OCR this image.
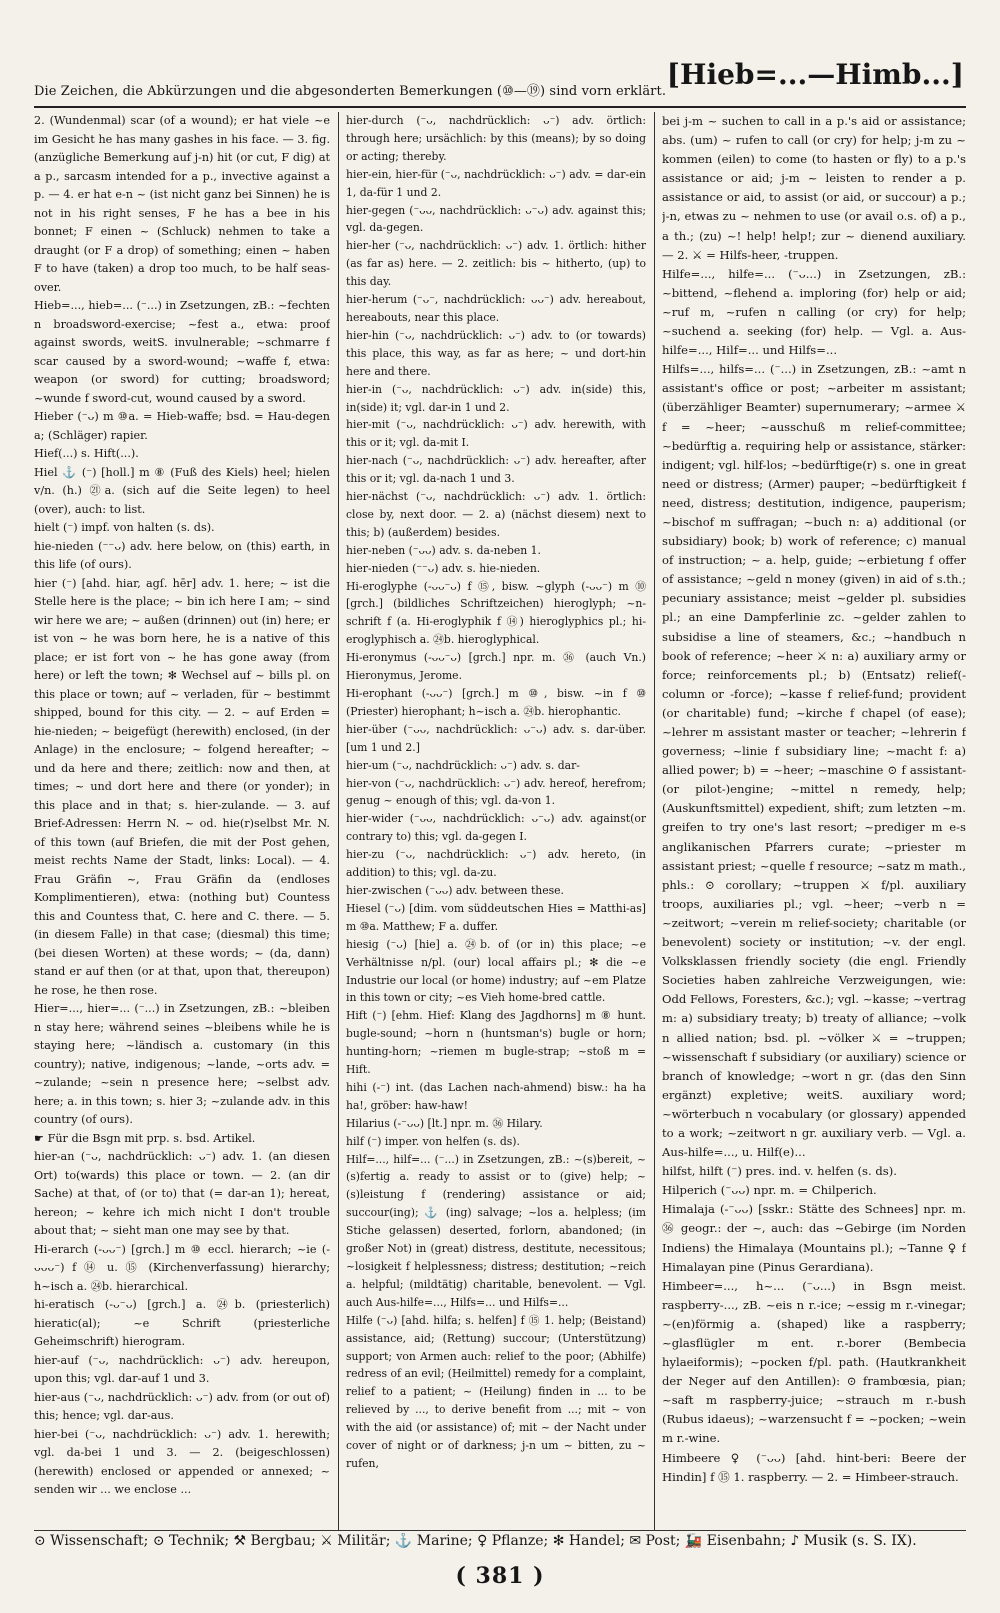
Die Zeichen, die Abkürzungen und die abgesonderten Bemerkungen (⑩—⑲) sind vorn erklärt.
[Hieb=...—Himb...]

2. (Wundenmal) scar (of a wound); er hat viele ~e im Gesicht he has many gashes in his face. — 3. fig. (anzügliche Bemerkung auf j-n) hit (or cut, F dig) at a p., sarcasm intended for a p., invective against a p. — 4. er hat e-n ~ (ist nicht ganz bei Sinnen) he is not in his right senses, F he has a bee in his bonnet; F einen ~ (Schluck) nehmen to take a draught (or F a drop) of something; einen ~ haben F to have (taken) a drop too much, to be half seas-over.

Hieb=..., hieb=... (⁻...) in Zsetzungen, zB.: ~fechten n broadsword-exercise; ~fest a., etwa: proof against swords, weitS. invulnerable; ~schmarre f scar caused by a sword-wound; ~waffe f, etwa: weapon (or sword) for cutting; broadsword; ~wunde f sword-cut, wound caused by a sword.

Hieber (⁻ᴗ) m ⑩a. = Hieb-waffe; bsd. = Hau-degen a; (Schläger) rapier.

Hief(...) s. Hift(...).

Hiel ⚓ (⁻) [holl.] m ⑧ (Fuß des Kiels) heel; hielen v/n. (h.) ㉑a. (sich auf die Seite legen) to heel (over), auch: to list.

hielt (⁻) impf. von halten (s. ds).

hie-nieden (⁻⁻ᴗ) adv. here below, on (this) earth, in this life (of ours).

hier (⁻) [ahd. hiar, agſ. hēr] adv. 1. here; ~ ist die Stelle here is the place; ~ bin ich here I am; ~ sind wir here we are; ~ außen (drinnen) out (in) here; er ist von ~ he was born here, he is a native of this place; er ist fort von ~ he has gone away (from here) or left the town; ✻ Wechsel auf ~ bills pl. on this place or town; auf ~ verladen, für ~ bestimmt shipped, bound for this city. — 2. ~ auf Erden = hie-nieden; ~ beigefügt (herewith) enclosed, (in der Anlage) in the enclosure; ~ folgend hereafter; ~ und da here and there; zeitlich: now and then, at times; ~ und dort here and there (or yonder); in this place and in that; s. hier-zulande. — 3. auf Brief-Adressen: Herrn N. ~ od. hie(r)selbst Mr. N. of this town (auf Briefen, die mit der Post gehen, meist rechts Name der Stadt, links: Local). — 4. Frau Gräfin ~, Frau Gräfin da (endloses Komplimentieren), etwa: (nothing but) Countess this and Countess that, C. here and C. there. — 5. (in diesem Falle) in that case; (diesmal) this time; (bei diesen Worten) at these words; ~ (da, dann) stand er auf then (or at that, upon that, thereupon) he rose, he then rose.

Hier=..., hier=... (⁻...) in Zsetzungen, zB.: ~bleiben n stay here; während seines ~bleibens while he is staying here; ~ländisch a. customary (in this country); native, indigenous; ~lande, ~orts adv. = ~zulande; ~sein n presence here; ~selbst adv. here; a. in this town; s. hier 3; ~zulande adv. in this country (of ours).

☛ Für die Bsgn mit prp. s. bsd. Artikel.

hier-an (⁻ᴗ, nachdrücklich: ᴗ⁻) adv. 1. (an diesen Ort) to(wards) this place or town. — 2. (an dir Sache) at that, of (or to) that (= dar-an 1); hereat, hereon; ~ kehre ich mich nicht I don't trouble about that; ~ sieht man one may see by that.

Hi-erarch (-ᴗᴗ⁻) [grch.] m ⑩ eccl. hierarch; ~ie (-ᴗᴗᴗ⁻) f ⑭ u. ⑮ (Kirchenverfassung) hierarchy; h~isch a. ㉔b. hierarchical.

hi-eratisch (-ᴗ⁻ᴗ) [grch.] a. ㉔b. (priesterlich) hieratic(al); ~e Schrift (priesterliche Geheimschrift) hierogram.

hier-auf (⁻ᴗ, nachdrücklich: ᴗ⁻) adv. hereupon, upon this; vgl. dar-auf 1 und 3.

hier-aus (⁻ᴗ, nachdrücklich: ᴗ⁻) adv. from (or out of) this; hence; vgl. dar-aus.

hier-bei (⁻ᴗ, nachdrücklich: ᴗ⁻) adv. 1. herewith; vgl. da-bei 1 und 3. — 2. (beigeschlossen) (herewith) enclosed or appended or annexed; ~ senden wir ... we enclose ...

hier-durch (⁻ᴗ, nachdrücklich: ᴗ⁻) adv. örtlich: through here; ursächlich: by this (means); by so doing or acting; thereby.

hier-ein, hier-für (⁻ᴗ, nachdrücklich: ᴗ⁻) adv. = dar-ein 1, da-für 1 und 2.

hier-gegen (⁻ᴗᴗ, nachdrücklich: ᴗ⁻ᴗ) adv. against this; vgl. da-gegen.

hier-her (⁻ᴗ, nachdrücklich: ᴗ⁻) adv. 1. örtlich: hither (as far as) here. — 2. zeitlich: bis ~ hitherto, (up) to this day.

hier-herum (⁻ᴗ⁻, nachdrücklich: ᴗᴗ⁻) adv. hereabout, hereabouts, near this place.

hier-hin (⁻ᴗ, nachdrücklich: ᴗ⁻) adv. to (or towards) this place, this way, as far as here; ~ und dort-hin here and there.

hier-in (⁻ᴗ, nachdrücklich: ᴗ⁻) adv. in(side) this, in(side) it; vgl. dar-in 1 und 2.

hier-mit (⁻ᴗ, nachdrücklich: ᴗ⁻) adv. herewith, with this or it; vgl. da-mit I.

hier-nach (⁻ᴗ, nachdrücklich: ᴗ⁻) adv. hereafter, after this or it; vgl. da-nach 1 und 3.

hier-nächst (⁻ᴗ, nachdrücklich: ᴗ⁻) adv. 1. örtlich: close by, next door. — 2. a) (nächst diesem) next to this; b) (außerdem) besides.

hier-neben (⁻ᴗᴗ) adv. s. da-neben 1.

hier-nieden (⁻⁻ᴗ) adv. s. hie-nieden.

Hi-eroglyphe (-ᴗᴗ⁻ᴗ) f ⑮, bisw. ~glyph (-ᴗᴗ⁻) m ⑩ [grch.] (bildliches Schriftzeichen) hieroglyph; ~n-schrift f (a. Hi-eroglyphik f ⑭) hieroglyphics pl.; hi-eroglyphisch a. ㉔b. hieroglyphical.

Hi-eronymus (-ᴗᴗ⁻ᴗ) [grch.] npr. m. ㊱ (auch Vn.) Hieronymus, Jerome.

Hi-erophant (-ᴗᴗ⁻) [grch.] m ⑩, bisw. ~in f ⑩ (Priester) hierophant; h~isch a. ㉔b. hierophantic.

hier-über (⁻ᴗᴗ, nachdrücklich: ᴗ⁻ᴗ) adv. s. dar-über. [um 1 und 2.]

hier-um (⁻ᴗ, nachdrücklich: ᴗ⁻) adv. s. dar-

hier-von (⁻ᴗ, nachdrücklich: ᴗ⁻) adv. hereof, herefrom; genug ~ enough of this; vgl. da-von 1.

hier-wider (⁻ᴗᴗ, nachdrücklich: ᴗ⁻ᴗ) adv. against(or contrary to) this; vgl. da-gegen I.

hier-zu (⁻ᴗ, nachdrücklich: ᴗ⁻) adv. hereto, (in addition) to this; vgl. da-zu.

hier-zwischen (⁻ᴗᴗ) adv. between these.

Hiesel (⁻ᴗ) [dim. vom süddeutschen Hies = Matthi-as] m ⑩a. Matthew; F a. duffer.

hiesig (⁻ᴗ) [hie] a. ㉔b. of (or in) this place; ~e Verhältnisse n/pl. (our) local affairs pl.; ✻ die ~e Industrie our local (or home) industry; auf ~em Platze in this town or city; ~es Vieh home-bred cattle.

Hift (⁻) [ehm. Hief: Klang des Jagdhorns] m ⑧ hunt. bugle-sound; ~horn n (huntsman's) bugle or horn; hunting-horn; ~riemen m bugle-strap; ~stoß m = Hift.

hihi (-⁻) int. (das Lachen nach-ahmend) bisw.: ha ha ha!, gröber: haw-haw!

Hilarius (-⁻ᴗᴗ) [lt.] npr. m. ㊱ Hilary.

hilf (⁻) imper. von helfen (s. ds).

Hilf=..., hilf=... (⁻...) in Zsetzungen, zB.: ~(s)bereit, ~(s)fertig a. ready to assist or to (give) help; ~(s)leistung f (rendering) assistance or aid; succour(ing); ⚓ (ing) salvage; ~los a. helpless; (im Stiche gelassen) deserted, forlorn, abandoned; (in großer Not) in (great) distress, destitute, necessitous; ~losigkeit f helplessness; distress; destitution; ~reich a. helpful; (mildtätig) charitable, benevolent. — Vgl. auch Aus-hilfe=..., Hilfs=... und Hilfs=...

Hilfe (⁻ᴗ) [ahd. hilfa; s. helfen] f ⑮ 1. help; (Beistand) assistance, aid; (Rettung) succour; (Unterstützung) support; von Armen auch: relief to the poor; (Abhilfe) redress of an evil; (Heilmittel) remedy for a complaint, relief to a patient; ~ (Heilung) finden in ... to be relieved by ..., to derive benefit from ...; mit ~ von with the aid (or assistance) of; mit ~ der Nacht under cover of night or of darkness; j-n um ~ bitten, zu ~ rufen,

bei j-m ~ suchen to call in a p.'s aid or assistance; abs. (um) ~ rufen to call (or cry) for help; j-m zu ~ kommen (eilen) to come (to hasten or fly) to a p.'s assistance or aid; j-m ~ leisten to render a p. assistance or aid, to assist (or aid, or succour) a p.; j-n, etwas zu ~ nehmen to use (or avail o.s. of) a p., a th.; (zu) ~! help! help!; zur ~ dienend auxiliary. — 2. ⚔ = Hilfs-heer, -truppen.

Hilfe=..., hilfe=... (⁻ᴗ...) in Zsetzungen, zB.: ~bittend, ~flehend a. imploring (for) help or aid; ~ruf m, ~rufen n calling (or cry) for help; ~suchend a. seeking (for) help. — Vgl. a. Aus-hilfe=..., Hilf=... und Hilfs=...

Hilfs=..., hilfs=... (⁻...) in Zsetzungen, zB.: ~amt n assistant's office or post; ~arbeiter m assistant; (überzähliger Beamter) supernumerary; ~armee ⚔ f = ~heer; ~ausschuß m relief-committee; ~bedürftig a. requiring help or assistance, stärker: indigent; vgl. hilf-los; ~bedürftige(r) s. one in great need or distress; (Armer) pauper; ~bedürftigkeit f need, distress; destitution, indigence, pauperism; ~bischof m suffragan; ~buch n: a) additional (or subsidiary) book; b) work of reference; c) manual of instruction; ~ a. help, guide; ~erbietung f offer of assistance; ~geld n money (given) in aid of s.th.; pecuniary assistance; meist ~gelder pl. subsidies pl.; an eine Dampferlinie zc. ~gelder zahlen to subsidise a line of steamers, &c.; ~handbuch n book of reference; ~heer ⚔ n: a) auxiliary army or force; reinforcements pl.; b) (Entsatz) relief(-column or -force); ~kasse f relief-fund; provident (or charitable) fund; ~kirche f chapel (of ease); ~lehrer m assistant master or teacher; ~lehrerin f governess; ~linie f subsidiary line; ~macht f: a) allied power; b) = ~heer; ~maschine ⊙ f assistant- (or pilot-)engine; ~mittel n remedy, help; (Auskunftsmittel) expedient, shift; zum letzten ~m. greifen to try one's last resort; ~prediger m e-s anglikanischen Pfarrers curate; ~priester m assistant priest; ~quelle f resource; ~satz m math., phls.: ⊙ corollary; ~truppen ⚔ f/pl. auxiliary troops, auxiliaries pl.; vgl. ~heer; ~verb n = ~zeitwort; ~verein m relief-society; charitable (or benevolent) society or institution; ~v. der engl. Volksklassen friendly society (die engl. Friendly Societies haben zahlreiche Verzweigungen, wie: Odd Fellows, Foresters, &c.); vgl. ~kasse; ~vertrag m: a) subsidiary treaty; b) treaty of alliance; ~volk n allied nation; bsd. pl. ~völker ⚔ = ~truppen; ~wissenschaft f subsidiary (or auxiliary) science or branch of knowledge; ~wort n gr. (das den Sinn ergänzt) expletive; weitS. auxiliary word; ~wörterbuch n vocabulary (or glossary) appended to a work; ~zeitwort n gr. auxiliary verb. — Vgl. a. Aus-hilfe=..., u. Hilf(e)...

hilfst, hilft (⁻) pres. ind. v. helfen (s. ds).

Hilperich (⁻ᴗᴗ) npr. m. = Chilperich.

Himalaja (-⁻ᴗᴗ) [sskr.: Stätte des Schnees] npr. m. ㊱ geogr.: der ~, auch: das ~Gebirge (im Norden Indiens) the Himalaya (Mountains pl.); ~Tanne ♀ f Himalayan pine (Pinus Gerardiana).

Himbeer=..., h~... (⁻ᴗ...) in Bsgn meist. raspberry-..., zB. ~eis n r.-ice; ~essig m r.-vinegar; ~(en)förmig a. (shaped) like a raspberry; ~glasflügler m ent. r.-borer (Bembecia hylaeiformis); ~pocken f/pl. path. (Hautkrankheit der Neger auf den Antillen): ⊙ frambœsia, pian; ~saft m raspberry-juice; ~strauch m r.-bush (Rubus idaeus); ~warzensucht f = ~pocken; ~wein m r.-wine.

Himbeere ♀ (⁻ᴗᴗ) [ahd. hint-beri: Beere der Hindin] f ⑮ 1. raspberry. — 2. = Himbeer-strauch.

⊙ Wissenschaft; ⊙ Technik; ⚒ Bergbau; ⚔ Militär; ⚓ Marine; ♀ Pflanze; ✻ Handel; ✉ Post; 🚂 Eisenbahn; ♪ Musik (s. S. IX).
( 381 )
